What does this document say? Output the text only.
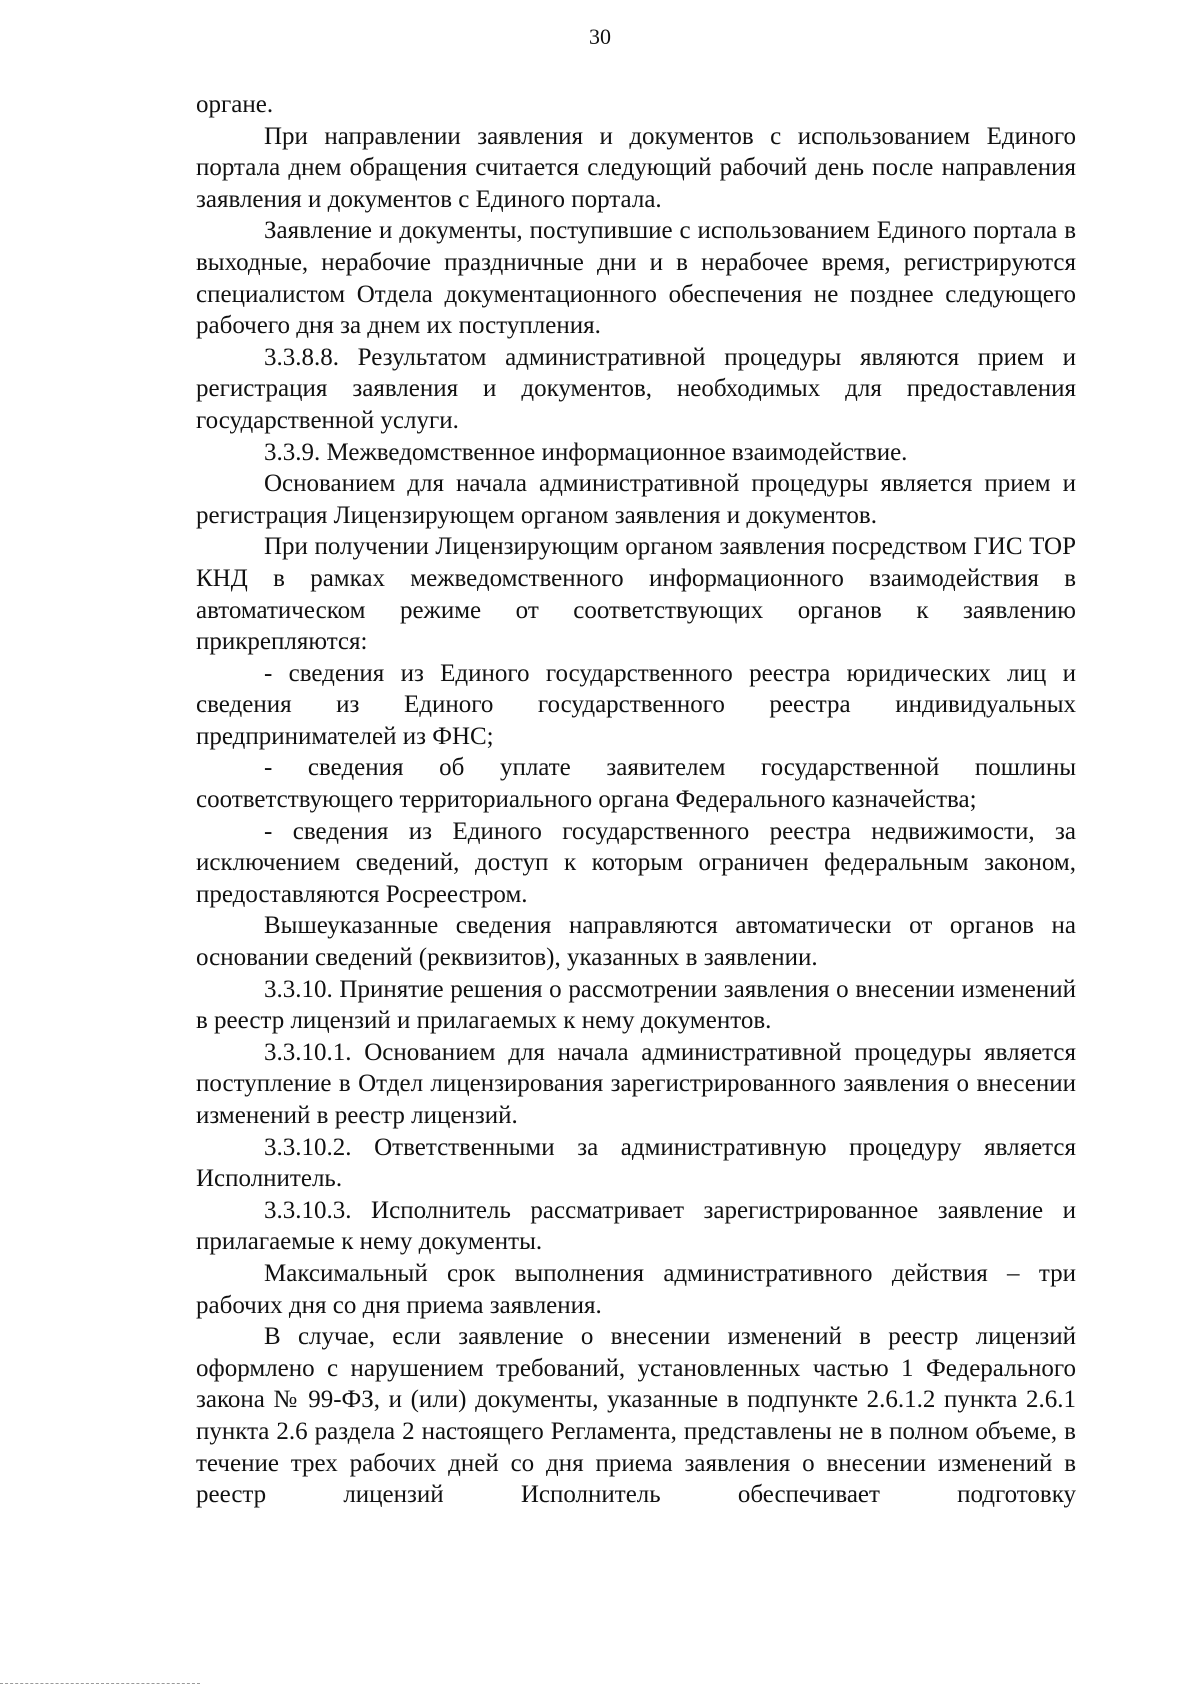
30

органе.

При направлении заявления и документов с использованием Единого портала днем обращения считается следующий рабочий день после направления заявления и документов с Единого портала.

Заявление и документы, поступившие с использованием Единого портала в выходные, нерабочие праздничные дни и в нерабочее время, регистрируются специалистом Отдела документационного обеспечения не позднее следующего рабочего дня за днем их поступления.

3.3.8.8. Результатом административной процедуры являются прием и регистрация заявления и документов, необходимых для предоставления государственной услуги.

3.3.9. Межведомственное информационное взаимодействие.

Основанием для начала административной процедуры является прием и регистрация Лицензирующем органом заявления и документов.

При получении Лицензирующим органом заявления посредством ГИС ТОР КНД в рамках межведомственного информационного взаимодействия в автоматическом режиме от соответствующих органов к заявлению прикрепляются:

- сведения из Единого государственного реестра юридических лиц и сведения из Единого государственного реестра индивидуальных предпринимателей из ФНС;

- сведения об уплате заявителем государственной пошлины соответствующего территориального органа Федерального казначейства;

- сведения из Единого государственного реестра недвижимости, за исключением сведений, доступ к которым ограничен федеральным законом, предоставляются Росреестром.

Вышеуказанные сведения направляются автоматически от органов на основании сведений (реквизитов), указанных в заявлении.

3.3.10. Принятие решения о рассмотрении заявления о внесении изменений в реестр лицензий и прилагаемых к нему документов.

3.3.10.1. Основанием для начала административной процедуры является поступление в Отдел лицензирования зарегистрированного заявления о внесении изменений в реестр лицензий.

3.3.10.2. Ответственными за административную процедуру является Исполнитель.

3.3.10.3. Исполнитель рассматривает зарегистрированное заявление и прилагаемые к нему документы.

Максимальный срок выполнения административного действия – три рабочих дня со дня приема заявления.

В случае, если заявление о внесении изменений в реестр лицензий оформлено с нарушением требований, установленных частью 1 Федерального закона № 99-ФЗ, и (или) документы, указанные в подпункте 2.6.1.2 пункта 2.6.1 пункта 2.6 раздела 2 настоящего Регламента, представлены не в полном объеме, в течение трех рабочих дней со дня приема заявления о внесении изменений в реестр лицензий Исполнитель обеспечивает подготовку
